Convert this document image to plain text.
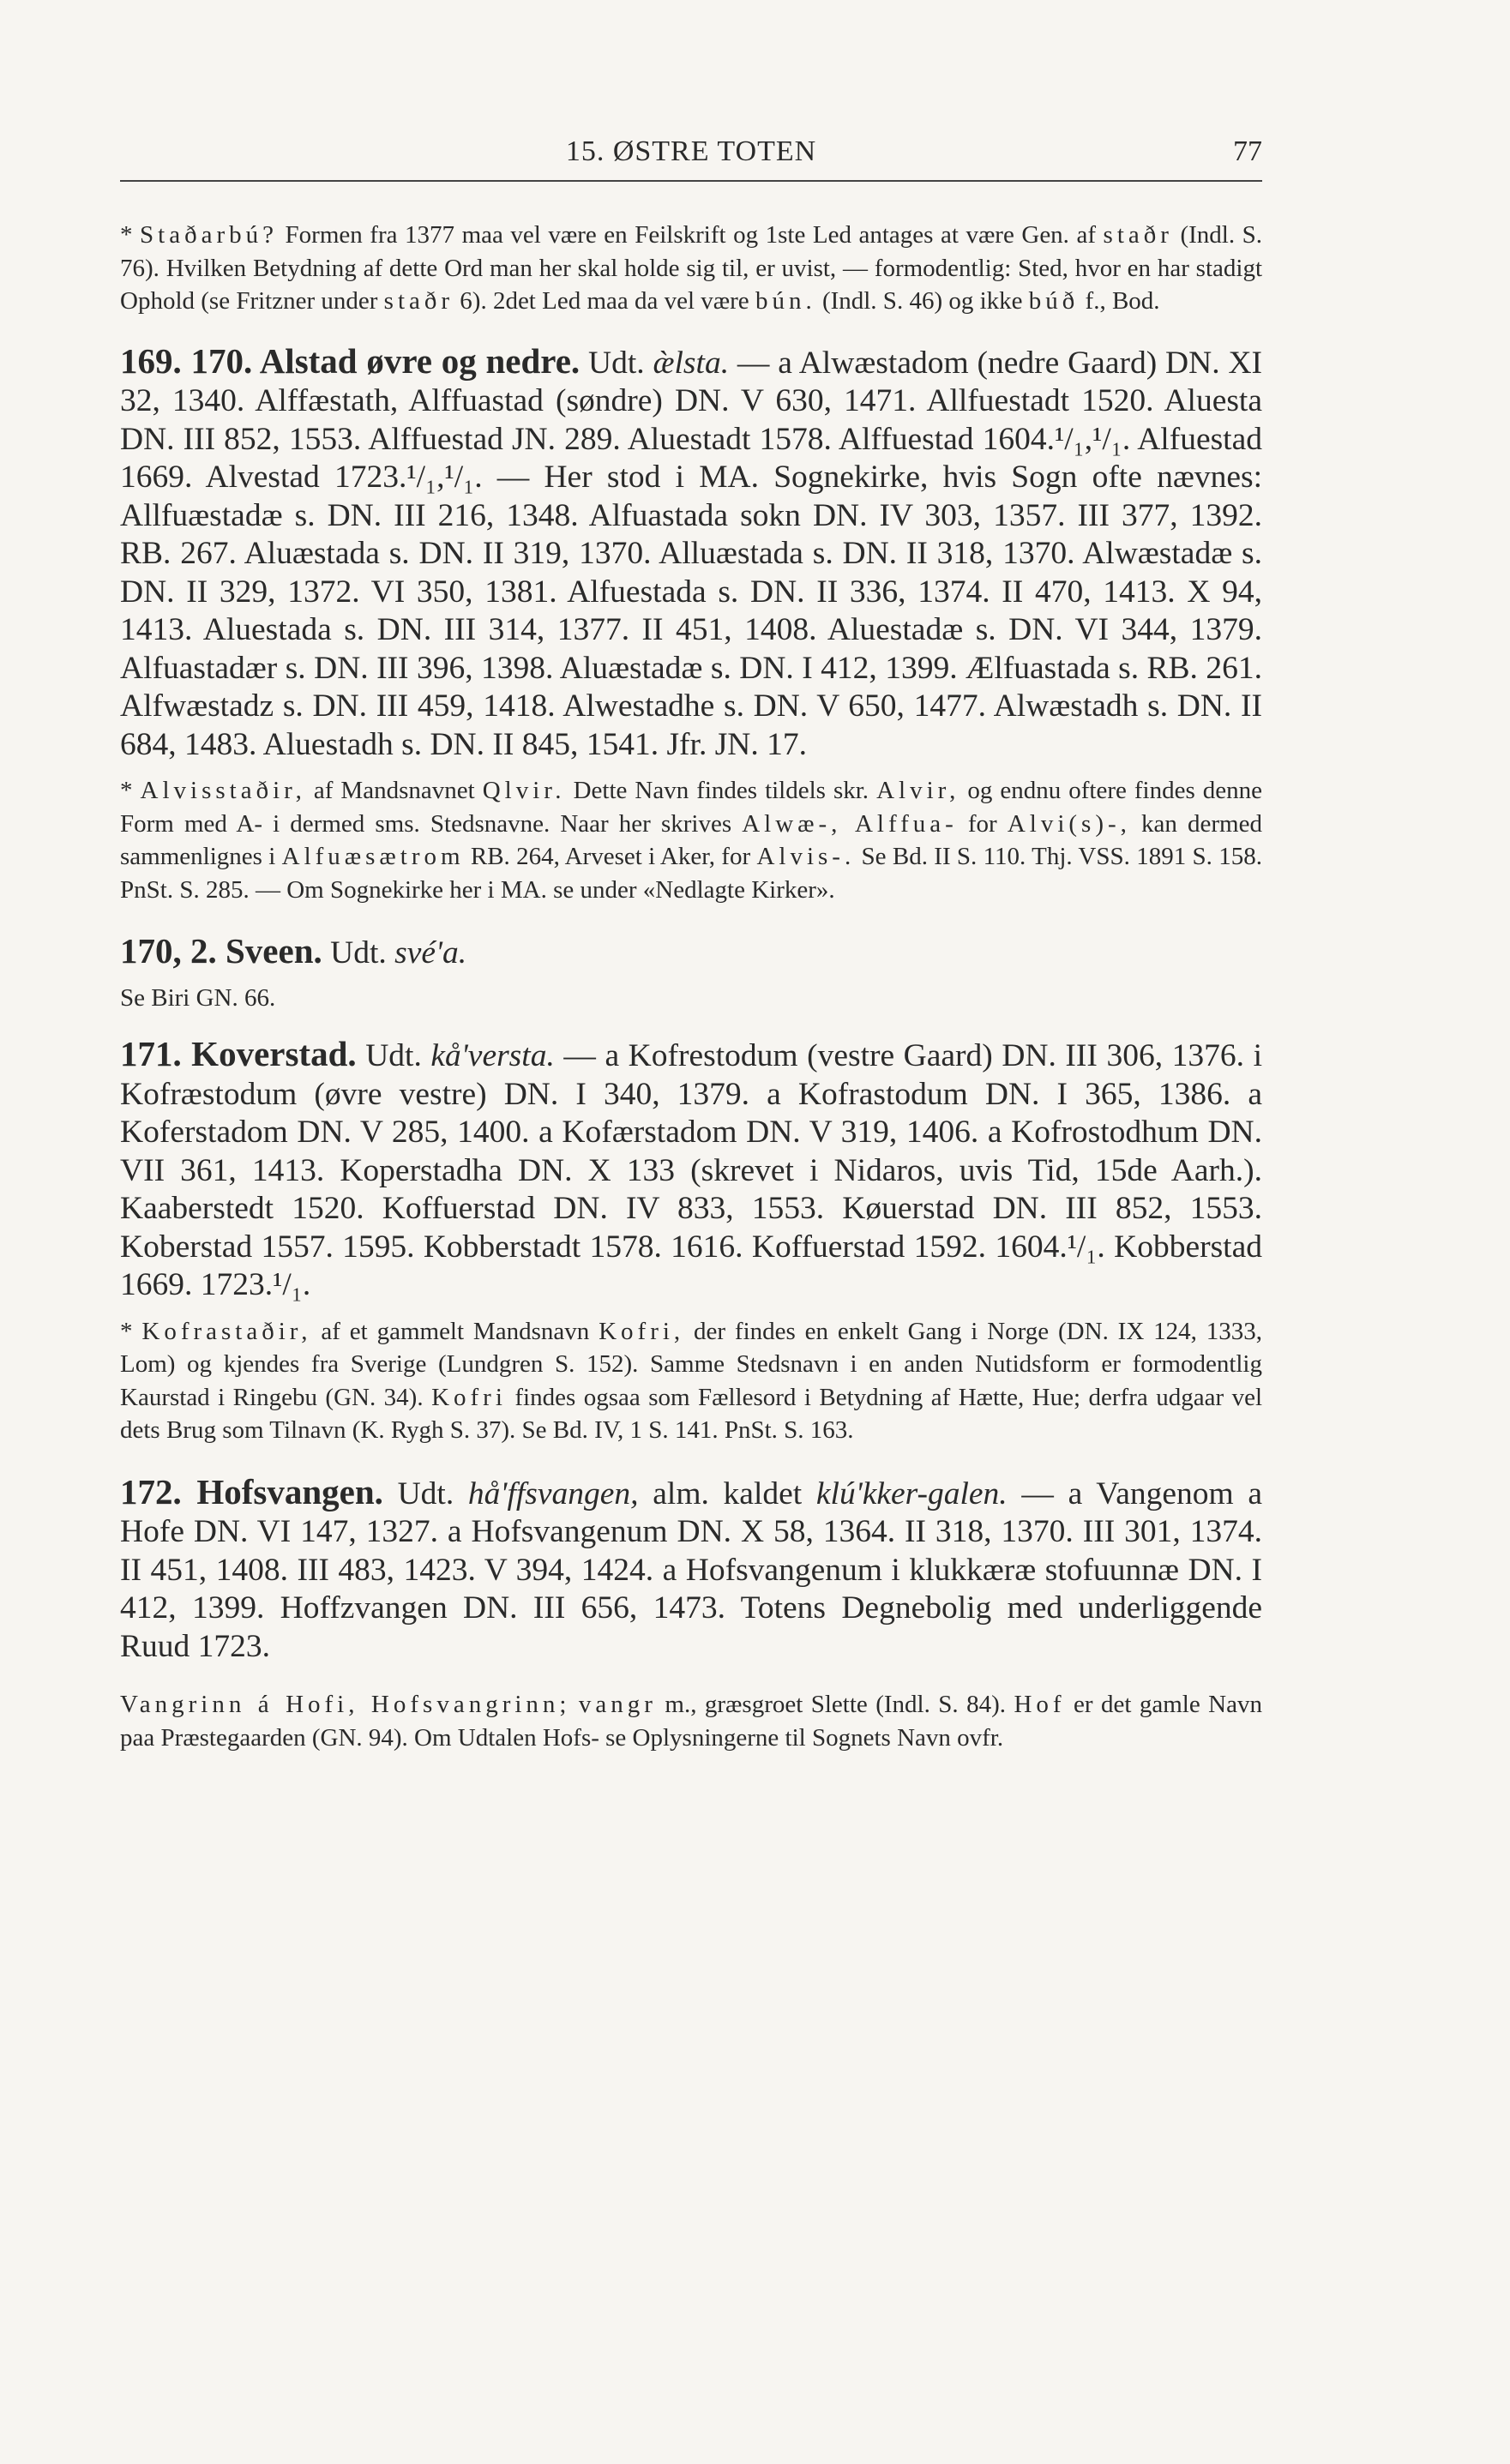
15. ØSTRE TOTEN	77

* Staðarbú? Formen fra 1377 maa vel være en Feilskrift og 1ste Led antages at være Gen. af staðr (Indl. S. 76). Hvilken Betydning af dette Ord man her skal holde sig til, er uvist, — formodentlig: Sted, hvor en har stadigt Ophold (se Fritzner under staðr 6). 2det Led maa da vel være bún. (Indl. S. 46) og ikke búð f., Bod.

169. 170. Alstad øvre og nedre. Udt. æ̀lsta. — a Alwæstadom (nedre Gaard) DN. XI 32, 1340. Alffæstath, Alffuastad (søndre) DN. V 630, 1471. Allfuestadt 1520. Aluesta DN. III 852, 1553. Alffuestad JN. 289. Aluestadt 1578. Alffuestad 1604.¹/₁,¹/₁. Alfuestad 1669. Alvestad 1723.¹/₁,¹/₁. — Her stod i MA. Sognekirke, hvis Sogn ofte nævnes: Allfuæstadæ s. DN. III 216, 1348. Alfuastada sokn DN. IV 303, 1357. III 377, 1392. RB. 267. Aluæstada s. DN. II 319, 1370. Alluæstada s. DN. II 318, 1370. Alwæstadæ s. DN. II 329, 1372. VI 350, 1381. Alfuestada s. DN. II 336, 1374. II 470, 1413. X 94, 1413. Aluestada s. DN. III 314, 1377. II 451, 1408. Aluestadæ s. DN. VI 344, 1379. Alfuastadær s. DN. III 396, 1398. Aluæstadæ s. DN. I 412, 1399. Ælfuastada s. RB. 261. Alfwæstadz s. DN. III 459, 1418. Alwestadhe s. DN. V 650, 1477. Alwæstadh s. DN. II 684, 1483. Aluestadh s. DN. II 845, 1541. Jfr. JN. 17.

* Alvisstaðir, af Mandsnavnet Qlvir. Dette Navn findes tildels skr. Alvir, og endnu oftere findes denne Form med A- i dermed sms. Stedsnavne. Naar her skrives Alwæ-, Alffua- for Alvi(s)-, kan dermed sammenlignes i Alfuæsætrom RB. 264, Arveset i Aker, for Alvis-. Se Bd. II S. 110. Thj. VSS. 1891 S. 158. PnSt. S. 285. — Om Sognekirke her i MA. se under «Nedlagte Kirker».

170, 2. Sveen. Udt. své'a.

Se Biri GN. 66.

171. Koverstad. Udt. kå'versta. — a Kofrestodum (vestre Gaard) DN. III 306, 1376. i Kofræstodum (øvre vestre) DN. I 340, 1379. a Kofrastodum DN. I 365, 1386. a Koferstadom DN. V 285, 1400. a Kofærstadom DN. V 319, 1406. a Kofrostodhum DN. VII 361, 1413. Koperstadha DN. X 133 (skrevet i Nidaros, uvis Tid, 15de Aarh.). Kaaberstedt 1520. Koffuerstad DN. IV 833, 1553. Køuerstad DN. III 852, 1553. Koberstad 1557. 1595. Kobberstadt 1578. 1616. Koffuerstad 1592. 1604.¹/₁. Kobberstad 1669. 1723.¹/₁.

* Kofrastaðir, af et gammelt Mandsnavn Kofri, der findes en enkelt Gang i Norge (DN. IX 124, 1333, Lom) og kjendes fra Sverige (Lundgren S. 152). Samme Stedsnavn i en anden Nutidsform er formodentlig Kaurstad i Ringebu (GN. 34). Kofri findes ogsaa som Fællesord i Betydning af Hætte, Hue; derfra udgaar vel dets Brug som Tilnavn (K. Rygh S. 37). Se Bd. IV, 1 S. 141. PnSt. S. 163.

172. Hofsvangen. Udt. hå'ffsvangen, alm. kaldet klú'kker-galen. — a Vangenom a Hofe DN. VI 147, 1327. a Hofsvangenum DN. X 58, 1364. II 318, 1370. III 301, 1374. II 451, 1408. III 483, 1423. V 394, 1424. a Hofsvangenum i klukkæræ stofuunnæ DN. I 412, 1399. Hoffzvangen DN. III 656, 1473. Totens Degnebolig med underliggende Ruud 1723.

Vangrinn á Hofi, Hofsvangrinn; vangr m., græsgroet Slette (Indl. S. 84). Hof er det gamle Navn paa Præstegaarden (GN. 94). Om Udtalen Hofs- se Oplysningerne til Sognets Navn ovfr.
